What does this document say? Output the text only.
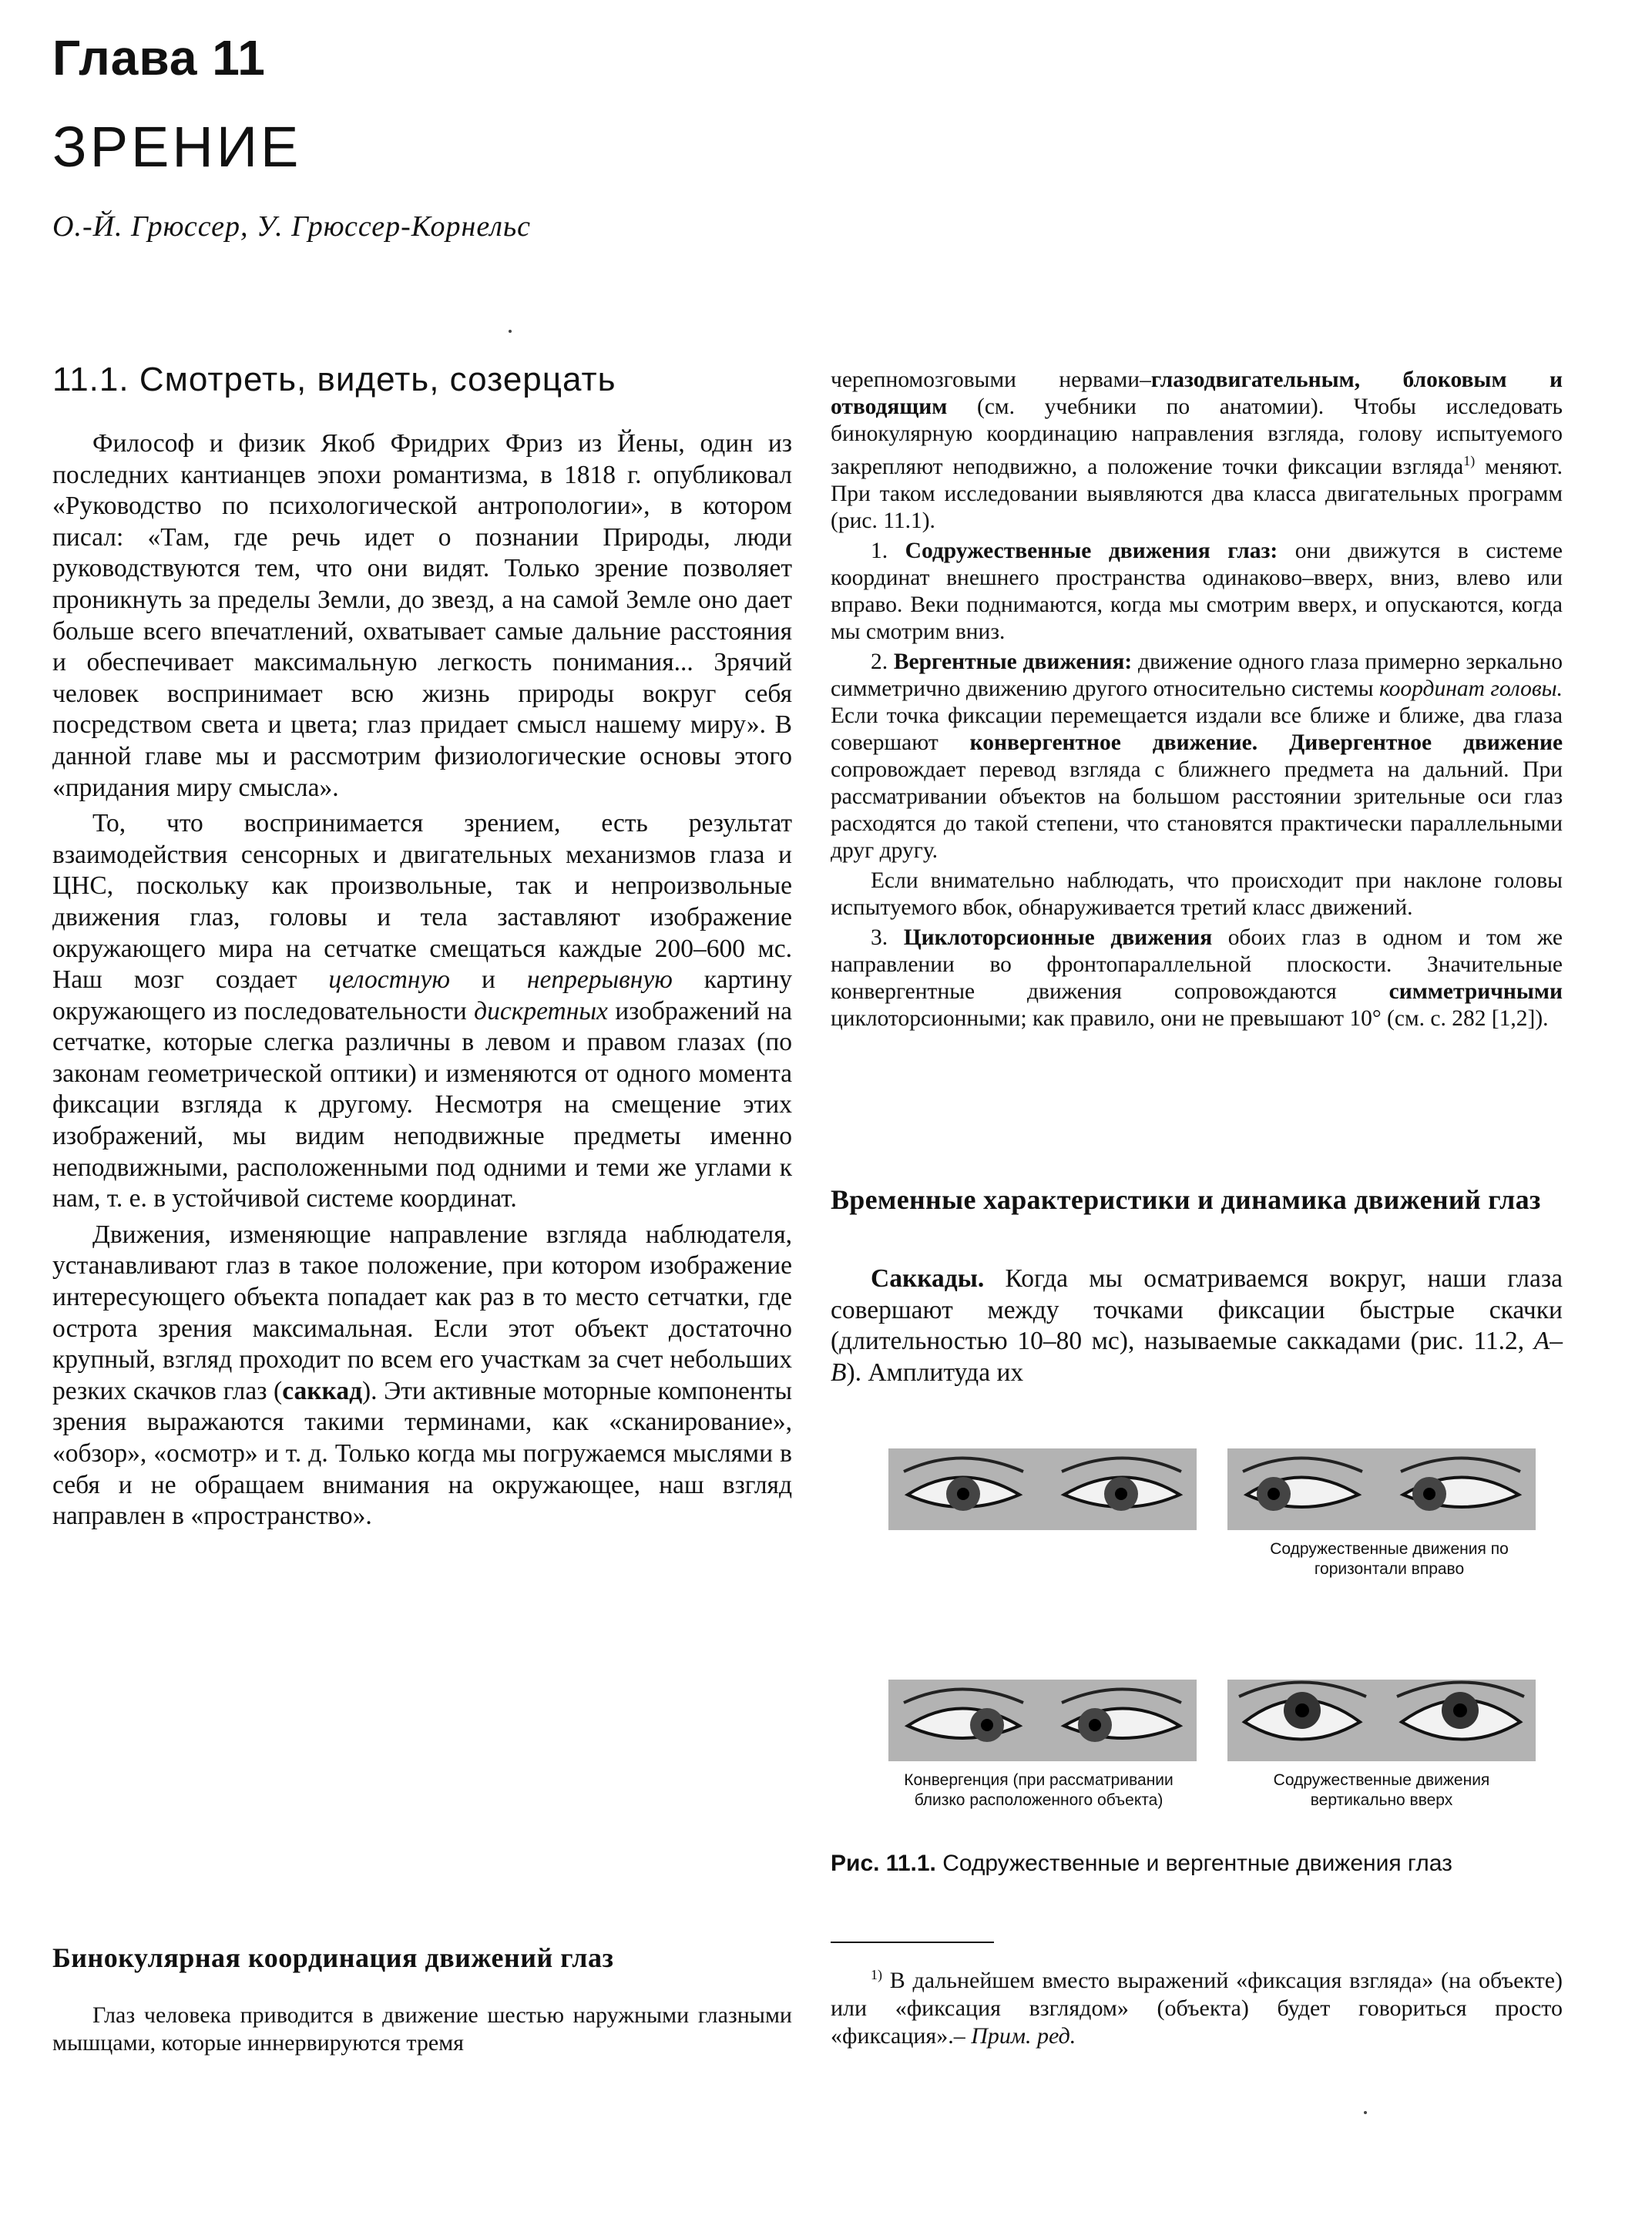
Глава 11
ЗРЕНИЕ

О.-Й. Грюссер, У. Грюссер-Корнельс

11.1. Смотреть, видеть, созерцать

Философ и физик Якоб Фридрих Фриз из Йены, один из последних кантианцев эпохи романтизма, в 1818 г. опубликовал «Руководство по психологической антропологии», в котором писал: «Там, где речь идет о познании Природы, люди руководствуются тем, что они видят. Только зрение позволяет проникнуть за пределы Земли, до звезд, а на самой Земле оно дает больше всего впечатлений, охватывает самые дальние расстояния и обеспечивает максимальную легкость понимания... Зрячий человек воспринимает всю жизнь природы вокруг себя посредством света и цвета; глаз придает смысл нашему миру». В данной главе мы и рассмотрим физиологические основы этого «придания миру смысла».

То, что воспринимается зрением, есть результат взаимодействия сенсорных и двигательных механизмов глаза и ЦНС, поскольку как произвольные, так и непроизвольные движения глаз, головы и тела заставляют изображение окружающего мира на сетчатке смещаться каждые 200–600 мс. Наш мозг создает целостную и непрерывную картину окружающего из последовательности дискретных изображений на сетчатке, которые слегка различны в левом и правом глазах (по законам геометрической оптики) и изменяются от одного момента фиксации взгляда к другому. Несмотря на смещение этих изображений, мы видим неподвижные предметы именно неподвижными, расположенными под одними и теми же углами к нам, т. е. в устойчивой системе координат.

Движения, изменяющие направление взгляда наблюдателя, устанавливают глаз в такое положение, при котором изображение интересующего объекта попадает как раз в то место сетчатки, где острота зрения максимальная. Если этот объект достаточно крупный, взгляд проходит по всем его участкам за счет небольших резких скачков глаз (саккад). Эти активные моторные компоненты зрения выражаются такими терминами, как «сканирование», «обзор», «осмотр» и т. д. Только когда мы погружаемся мыслями в себя и не обращаем внимания на окружающее, наш взгляд направлен в «пространство».

Бинокулярная координация движений глаз

Глаз человека приводится в движение шестью наружными глазными мышцами, которые иннервируются тремя

черепномозговыми нервами–глазодвигательным, блоковым и отводящим (см. учебники по анатомии). Чтобы исследовать бинокулярную координацию направления взгляда, голову испытуемого закрепляют неподвижно, а положение точки фиксации взгляда$^{1)}$ меняют. При таком исследовании выявляются два класса двигательных программ (рис. 11.1).

1. Содружественные движения глаз: они движутся в системе координат внешнего пространства одинаково–вверх, вниз, влево или вправо. Веки поднимаются, когда мы смотрим вверх, и опускаются, когда мы смотрим вниз.

2. Вергентные движения: движение одного глаза примерно зеркально симметрично движению другого относительно системы координат головы. Если точка фиксации перемещается издали все ближе и ближе, два глаза совершают конвергентное движение. Дивергентное движение сопровождает перевод взгляда с ближнего предмета на дальний. При рассматривании объектов на большом расстоянии зрительные оси глаз расходятся до такой степени, что становятся практически параллельными друг другу.

Если внимательно наблюдать, что происходит при наклоне головы испытуемого вбок, обнаруживается третий класс движений.

3. Циклоторсионные движения обоих глаз в одном и том же направлении во фронтопараллельной плоскости. Значительные конвергентные движения сопровождаются симметричными циклоторсионными; как правило, они не превышают 10° (см. с. 282 [1,2]).

Временные характеристики и динамика движений глаз

Саккады. Когда мы осматриваемся вокруг, наши глаза совершают между точками фиксации быстрые скачки (длительностью 10–80 мс), называемые саккадами (рис. 11.2, А–В). Амплитуда их

Содружественные движения по горизонтали вправо
Конвергенция (при рассматривании близко расположенного объекта)
Содружественные движения вертикально вверх

Рис. 11.1. Содружественные и вергентные движения глаз

$^{1)}$ В дальнейшем вместо выражений «фиксация взгляда» (на объекте) или «фиксация взглядом» (объекта) будет говориться просто «фиксация».– Прим. ред.
